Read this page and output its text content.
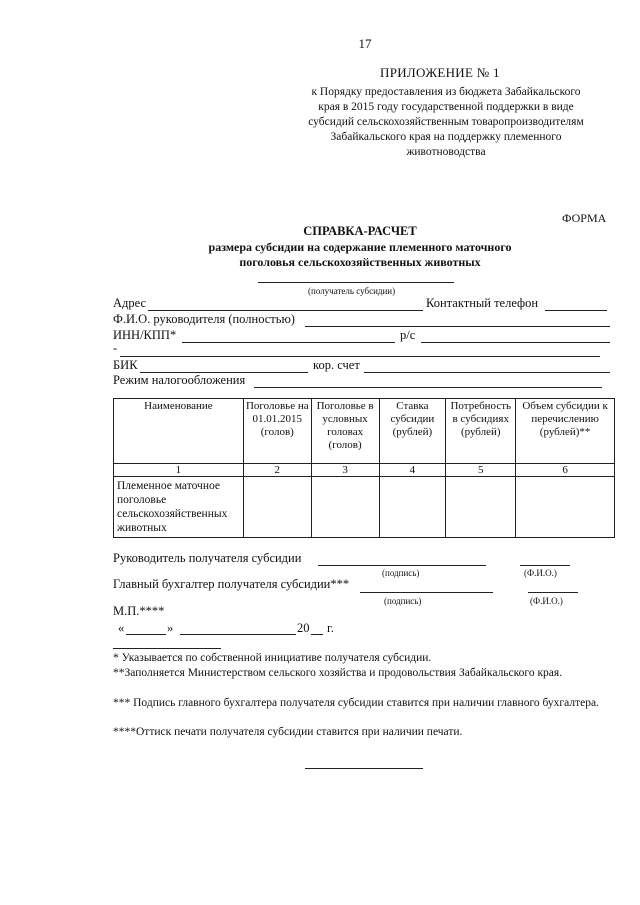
17
ПРИЛОЖЕНИЕ № 1
к Порядку предоставления из бюджета Забайкальского
края в 2015 году государственной поддержки в виде
субсидий сельскохозяйственным товаропроизводителям
Забайкальского края на поддержку племенного
животноводства
ФОРМА
СПРАВКА-РАСЧЕТ
размера субсидии на содержание племенного маточного
поголовья сельскохозяйственных животных
(получатель субсидии)
Адрес	Контактный телефон
Ф.И.О. руководителя (полностью)
ИНН/КПП*	р/с
-
БИК	кор. счет
Режим налогообложения
Наименование	Поголовье на 01.01.2015 (голов)	Поголовье в условных головах (голов)	Ставка субсидии (рублей)	Потребность в субсидиях (рублей)	Объем субсидии к перечислению (рублей)**
1	2	3	4	5	6
Племенное маточное поголовье сельскохозяйственных животных					
Руководитель получателя субсидии
(подпись)	(Ф.И.О.)
Главный бухгалтер получателя субсидии***
(подпись)	(Ф.И.О.)
М.П.****
«	»	20 г.
* Указывается по собственной инициативе получателя субсидии.
**Заполняется Министерством сельского хозяйства и продовольствия Забайкальского края.
*** Подпись главного бухгалтера получателя субсидии ставится при наличии главного бухгалтера.
****Оттиск печати получателя субсидии ставится при наличии печати.
